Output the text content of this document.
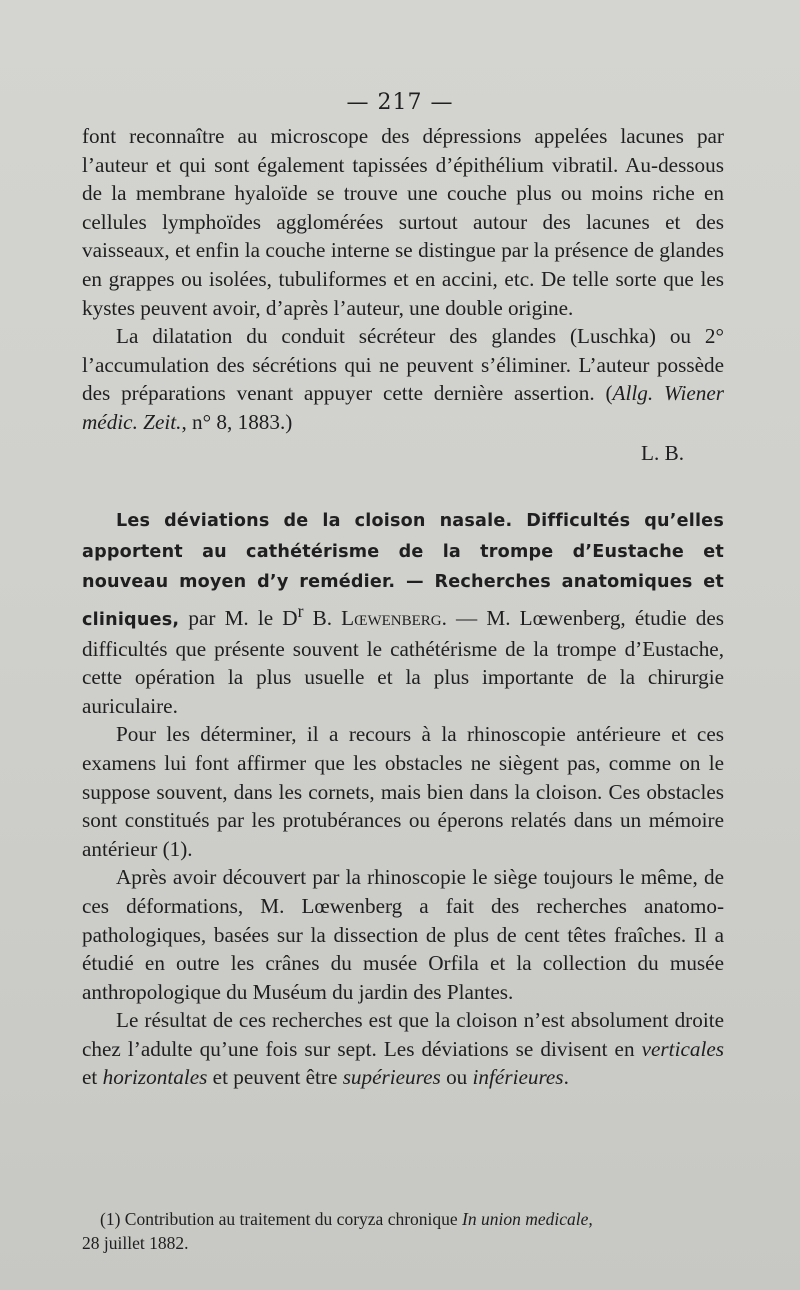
— 217 —

font reconnaître au microscope des dépressions appelées lacunes par l’auteur et qui sont également tapissées d’épithélium vibratil. Au-dessous de la membrane hyaloïde se trouve une couche plus ou moins riche en cellules lymphoïdes agglomérées surtout autour des lacunes et des vaisseaux, et enfin la couche interne se distingue par la présence de glandes en grappes ou isolées, tubuliformes et en accini, etc. De telle sorte que les kystes peuvent avoir, d’après l’auteur, une double origine.

La dilatation du conduit sécréteur des glandes (Luschka) ou 2° l’accumulation des sécrétions qui ne peuvent s’éliminer. L’auteur possède des préparations venant appuyer cette dernière assertion. (Allg. Wiener médic. Zeit., n° 8, 1883.)

L. B.

Les déviations de la cloison nasale. Difficultés qu’elles apportent au cathétérisme de la trompe d’Eustache et nouveau moyen d’y remédier. — Recherches anatomiques et cliniques, par M. le $D^r$ B. Lœwenberg. — M. Lœwenberg, étudie des difficultés que présente souvent le cathétérisme de la trompe d’Eustache, cette opération la plus usuelle et la plus importante de la chirurgie auriculaire.

Pour les déterminer, il a recours à la rhinoscopie antérieure et ces examens lui font affirmer que les obstacles ne siègent pas, comme on le suppose souvent, dans les cornets, mais bien dans la cloison. Ces obstacles sont constitués par les protubérances ou éperons relatés dans un mémoire antérieur (1).

Après avoir découvert par la rhinoscopie le siège toujours le même, de ces déformations, M. Lœwenberg a fait des recherches anatomo-pathologiques, basées sur la dissection de plus de cent têtes fraîches. Il a étudié en outre les crânes du musée Orfila et la collection du musée anthropologique du Muséum du jardin des Plantes.

Le résultat de ces recherches est que la cloison n’est absolument droite chez l’adulte qu’une fois sur sept. Les déviations se divisent en verticales et horizontales et peuvent être supérieures ou inférieures.

(1) Contribution au traitement du coryza chronique In union medicale,
28 juillet 1882.
